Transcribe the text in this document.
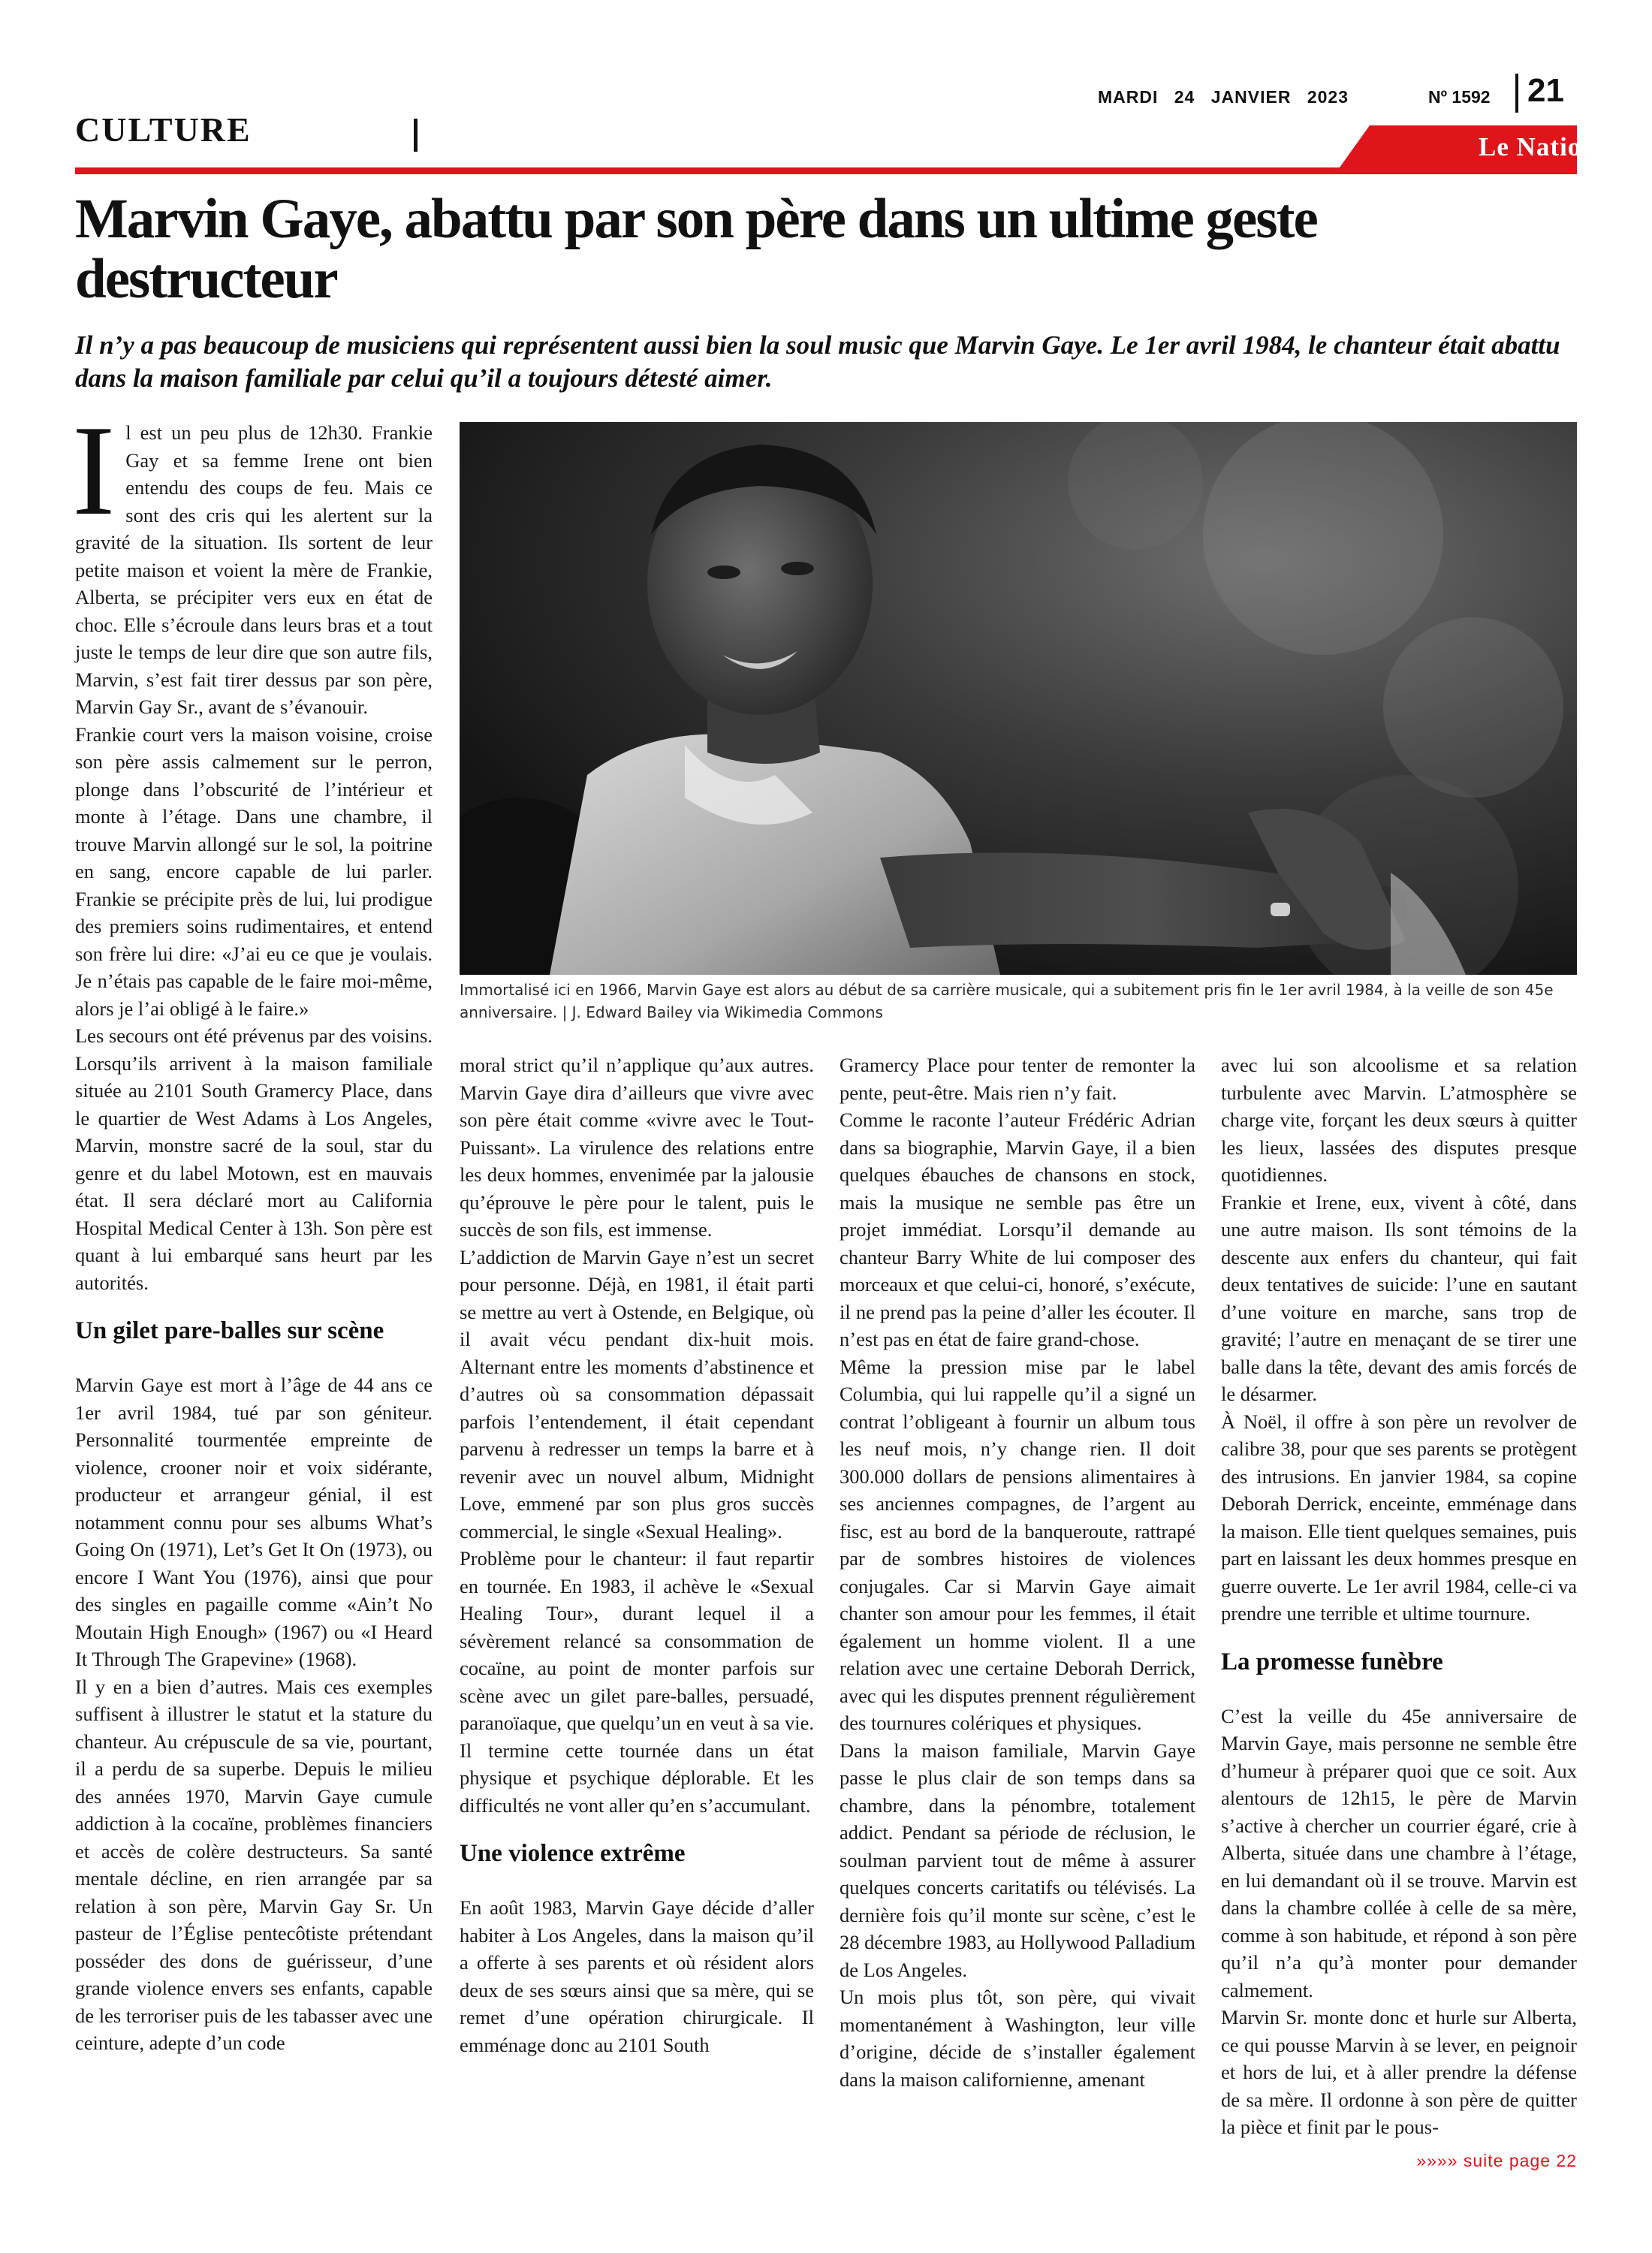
MARDI 24 JANVIER 2023	Nº 1592 21
CULTURE	Le National
Marvin Gaye, abattu par son père dans un ultime geste destructeur

Il n’y a pas beaucoup de musiciens qui représentent aussi bien la soul music que Marvin Gaye. Le 1er avril 1984, le chanteur était abattu dans la maison familiale par celui qu’il a toujours détesté aimer.

Il est un peu plus de 12h30. Frankie Gay et sa femme Irene ont bien entendu des coups de feu. Mais ce sont des cris qui les alertent sur la gravité de la situation. Ils sortent de leur petite maison et voient la mère de Frankie, Alberta, se précipiter vers eux en état de choc. Elle s’écroule dans leurs bras et a tout juste le temps de leur dire que son autre fils, Marvin, s’est fait tirer dessus par son père, Marvin Gay Sr., avant de s’évanouir.

Frankie court vers la maison voisine, croise son père assis calmement sur le perron, plonge dans l’obscurité de l’intérieur et monte à l’étage. Dans une chambre, il trouve Marvin allongé sur le sol, la poitrine en sang, encore capable de lui parler. Frankie se précipite près de lui, lui prodigue des premiers soins rudimentaires, et entend son frère lui dire: «J’ai eu ce que je voulais. Je n’étais pas capable de le faire moi-même, alors je l’ai obligé à le faire.»

Les secours ont été prévenus par des voisins. Lorsqu’ils arrivent à la maison familiale située au 2101 South Gramercy Place, dans le quartier de West Adams à Los Angeles, Marvin, monstre sacré de la soul, star du genre et du label Motown, est en mauvais état. Il sera déclaré mort au California Hospital Medical Center à 13h. Son père est quant à lui embarqué sans heurt par les autorités.

Un gilet pare-balles sur scène

Marvin Gaye est mort à l’âge de 44 ans ce 1er avril 1984, tué par son géniteur. Personnalité tourmentée empreinte de violence, crooner noir et voix sidérante, producteur et arrangeur génial, il est notamment connu pour ses albums What’s Going On (1971), Let’s Get It On (1973), ou encore I Want You (1976), ainsi que pour des singles en pagaille comme «Ain’t No Moutain High Enough» (1967) ou «I Heard It Through The Grapevine» (1968).

Il y en a bien d’autres. Mais ces exemples suffisent à illustrer le statut et la stature du chanteur. Au crépuscule de sa vie, pourtant, il a perdu de sa superbe. Depuis le milieu des années 1970, Marvin Gaye cumule addiction à la cocaïne, problèmes financiers et accès de colère destructeurs. Sa santé mentale décline, en rien arrangée par sa relation à son père, Marvin Gay Sr. Un pasteur de l’Église pentecôtiste prétendant posséder des dons de guérisseur, d’une grande violence envers ses enfants, capable de les terroriser puis de les tabasser avec une ceinture, adepte d’un code

Immortalisé ici en 1966, Marvin Gaye est alors au début de sa carrière musicale, qui a subitement pris fin le 1er avril 1984, à la veille de son 45e anniversaire. | J. Edward Bailey via Wikimedia Commons

moral strict qu’il n’applique qu’aux autres. Marvin Gaye dira d’ailleurs que vivre avec son père était comme «vivre avec le Tout-Puissant». La virulence des relations entre les deux hommes, envenimée par la jalousie qu’éprouve le père pour le talent, puis le succès de son fils, est immense.

L’addiction de Marvin Gaye n’est un secret pour personne. Déjà, en 1981, il était parti se mettre au vert à Ostende, en Belgique, où il avait vécu pendant dix-huit mois. Alternant entre les moments d’abstinence et d’autres où sa consommation dépassait parfois l’entendement, il était cependant parvenu à redresser un temps la barre et à revenir avec un nouvel album, Midnight Love, emmené par son plus gros succès commercial, le single «Sexual Healing».

Problème pour le chanteur: il faut repartir en tournée. En 1983, il achève le «Sexual Healing Tour», durant lequel il a sévèrement relancé sa consommation de cocaïne, au point de monter parfois sur scène avec un gilet pare-balles, persuadé, paranoïaque, que quelqu’un en veut à sa vie. Il termine cette tournée dans un état physique et psychique déplorable. Et les difficultés ne vont aller qu’en s’accumulant.

Une violence extrême

En août 1983, Marvin Gaye décide d’aller habiter à Los Angeles, dans la maison qu’il a offerte à ses parents et où résident alors deux de ses sœurs ainsi que sa mère, qui se remet d’une opération chirurgicale. Il emménage donc au 2101 South

Gramercy Place pour tenter de remonter la pente, peut-être. Mais rien n’y fait.

Comme le raconte l’auteur Frédéric Adrian dans sa biographie, Marvin Gaye, il a bien quelques ébauches de chansons en stock, mais la musique ne semble pas être un projet immédiat. Lorsqu’il demande au chanteur Barry White de lui composer des morceaux et que celui-ci, honoré, s’exécute, il ne prend pas la peine d’aller les écouter. Il n’est pas en état de faire grand-chose.

Même la pression mise par le label Columbia, qui lui rappelle qu’il a signé un contrat l’obligeant à fournir un album tous les neuf mois, n’y change rien. Il doit 300.000 dollars de pensions alimentaires à ses anciennes compagnes, de l’argent au fisc, est au bord de la banqueroute, rattrapé par de sombres histoires de violences conjugales. Car si Marvin Gaye aimait chanter son amour pour les femmes, il était également un homme violent. Il a une relation avec une certaine Deborah Derrick, avec qui les disputes prennent régulièrement des tournures colériques et physiques.

Dans la maison familiale, Marvin Gaye passe le plus clair de son temps dans sa chambre, dans la pénombre, totalement addict. Pendant sa période de réclusion, le soulman parvient tout de même à assurer quelques concerts caritatifs ou télévisés. La dernière fois qu’il monte sur scène, c’est le 28 décembre 1983, au Hollywood Palladium de Los Angeles.

Un mois plus tôt, son père, qui vivait momentanément à Washington, leur ville d’origine, décide de s’installer également dans la maison californienne, amenant

avec lui son alcoolisme et sa relation turbulente avec Marvin. L’atmosphère se charge vite, forçant les deux sœurs à quitter les lieux, lassées des disputes presque quotidiennes.

Frankie et Irene, eux, vivent à côté, dans une autre maison. Ils sont témoins de la descente aux enfers du chanteur, qui fait deux tentatives de suicide: l’une en sautant d’une voiture en marche, sans trop de gravité; l’autre en menaçant de se tirer une balle dans la tête, devant des amis forcés de le désarmer.

À Noël, il offre à son père un revolver de calibre 38, pour que ses parents se protègent des intrusions. En janvier 1984, sa copine Deborah Derrick, enceinte, emménage dans la maison. Elle tient quelques semaines, puis part en laissant les deux hommes presque en guerre ouverte. Le 1er avril 1984, celle-ci va prendre une terrible et ultime tournure.

La promesse funèbre

C’est la veille du 45e anniversaire de Marvin Gaye, mais personne ne semble être d’humeur à préparer quoi que ce soit. Aux alentours de 12h15, le père de Marvin s’active à chercher un courrier égaré, crie à Alberta, située dans une chambre à l’étage, en lui demandant où il se trouve. Marvin est dans la chambre collée à celle de sa mère, comme à son habitude, et répond à son père qu’il n’a qu’à monter pour demander calmement.

Marvin Sr. monte donc et hurle sur Alberta, ce qui pousse Marvin à se lever, en peignoir et hors de lui, et à aller prendre la défense de sa mère. Il ordonne à son père de quitter la pièce et finit par le pous-

»»»» suite page 22
